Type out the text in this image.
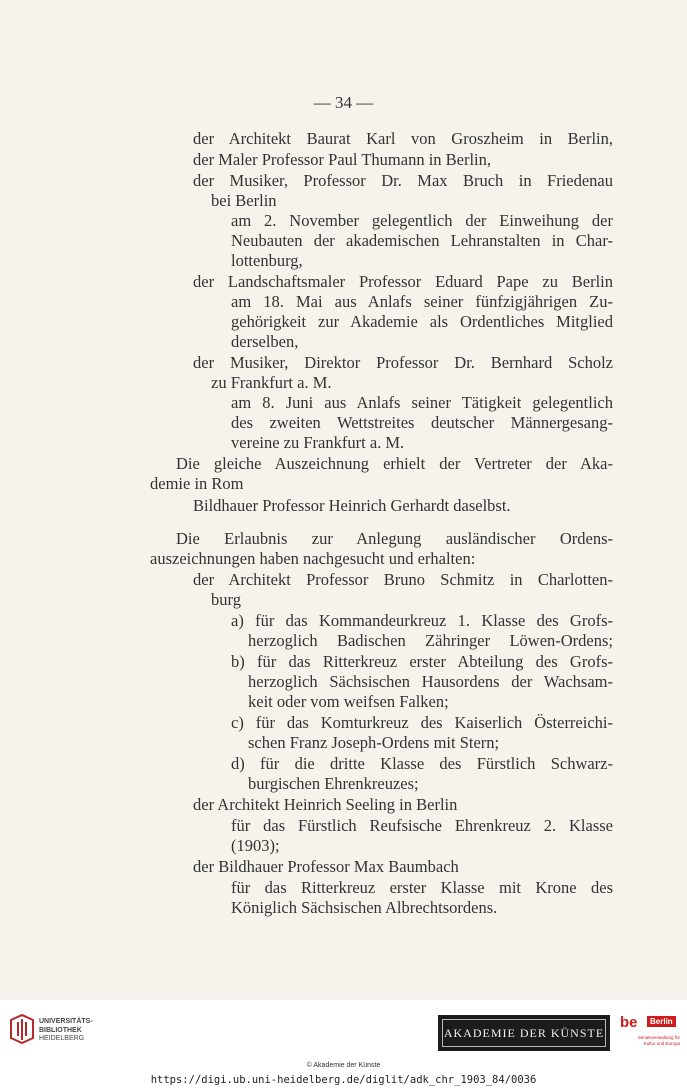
— 34 —
der Architekt Baurat Karl von Groszheim in Berlin,
der Maler Professor Paul Thumann in Berlin,
der Musiker, Professor Dr. Max Bruch in Friedenau
bei Berlin
am 2. November gelegentlich der Einweihung der
Neubauten der akademischen Lehranstalten in Char-
lottenburg,
der Landschaftsmaler Professor Eduard Pape zu Berlin
am 18. Mai aus Anlafs seiner fünfzigjährigen Zu-
gehörigkeit zur Akademie als Ordentliches Mitglied
derselben,
der Musiker, Direktor Professor Dr. Bernhard Scholz
zu Frankfurt a. M.
am 8. Juni aus Anlafs seiner Tätigkeit gelegentlich
des zweiten Wettstreites deutscher Männergesang-
vereine zu Frankfurt a. M.
Die gleiche Auszeichnung erhielt der Vertreter der Aka-
demie in Rom
Bildhauer Professor Heinrich Gerhardt daselbst.
Die Erlaubnis zur Anlegung ausländischer Ordens-
auszeichnungen haben nachgesucht und erhalten:
der Architekt Professor Bruno Schmitz in Charlotten-
burg
a) für das Kommandeurkreuz 1. Klasse des Grofs-
herzoglich Badischen Zähringer Löwen-Ordens;
b) für das Ritterkreuz erster Abteilung des Grofs-
herzoglich Sächsischen Hausordens der Wachsam-
keit oder vom weifsen Falken;
c) für das Komturkreuz des Kaiserlich Österreichi-
schen Franz Joseph-Ordens mit Stern;
d) für die dritte Klasse des Fürstlich Schwarz-
burgischen Ehrenkreuzes;
der Architekt Heinrich Seeling in Berlin
für das Fürstlich Reufsische Ehrenkreuz 2. Klasse
(1903);
der Bildhauer Professor Max Baumbach
für das Ritterkreuz erster Klasse mit Krone des
Königlich Sächsischen Albrechtsordens.
UNIVERSITÄTS-
BIBLIOTHEK
HEIDELBERG	AKADEMIE DER KÜNSTE
be	Berlin
Senatsverwaltung für Kultur und Europa
© Akademie der Künste
https://digi.ub.uni-heidelberg.de/diglit/adk_chr_1903_84/0036
